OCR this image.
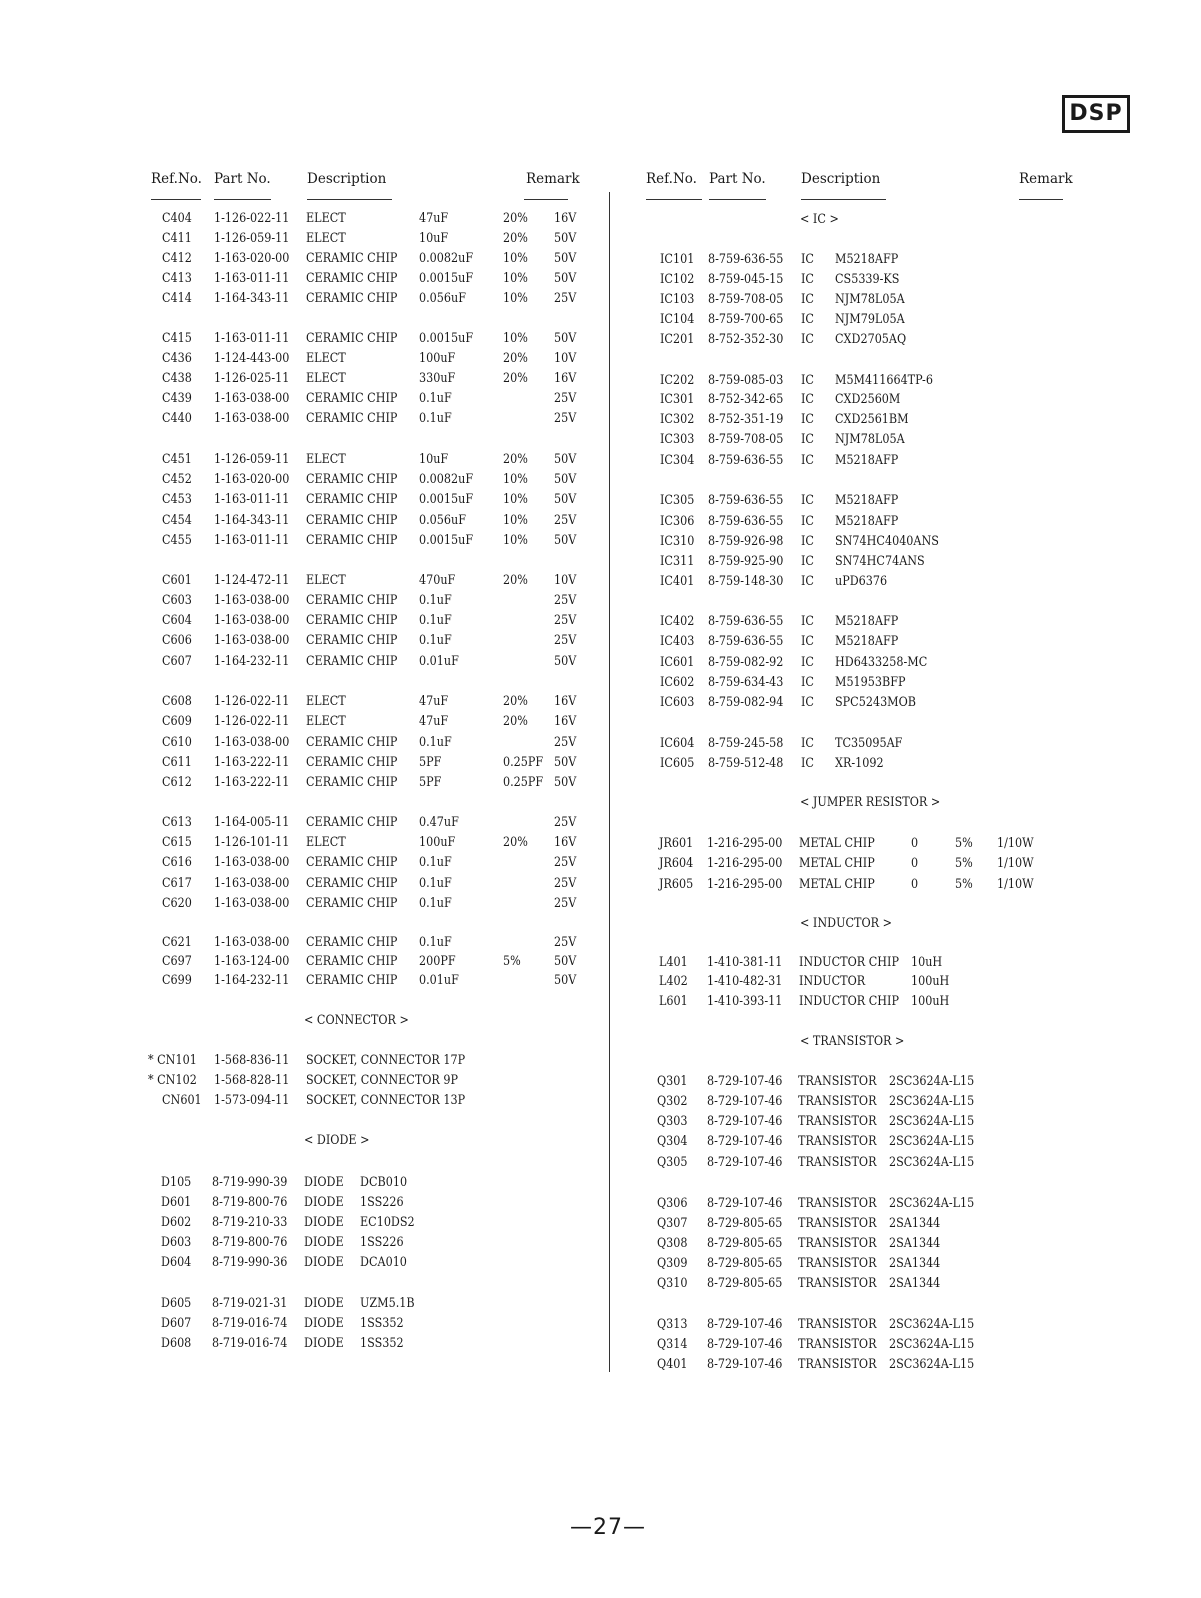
DSP
Ref.No. Part No.	Description	Remark	Ref.No. Part No.	Description	Remark
C404 1-126-022-11 ELECT	47uF	20% 16V
C411 1-126-059-11 ELECT	10uF	20% 50V
C412 1-163-020-00 CERAMIC CHIP 0.0082uF 10% 50V
C413 1-163-011-11 CERAMIC CHIP 0.0015uF 10% 50V
C414 1-164-343-11 CERAMIC CHIP 0.056uF	10% 25V
C415 1-163-011-11 CERAMIC CHIP 0.0015uF 10% 50V
C436 1-124-443-00 ELECT	100uF	20% 10V
C438 1-126-025-11 ELECT	330uF	20% 16V
C439 1-163-038-00 CERAMIC CHIP 0.1uF	25V
C440 1-163-038-00 CERAMIC CHIP 0.1uF	25V
C451 1-126-059-11 ELECT	10uF	20% 50V
C452 1-163-020-00 CERAMIC CHIP 0.0082uF 10% 50V
C453 1-163-011-11 CERAMIC CHIP 0.0015uF 10% 50V
C454 1-164-343-11 CERAMIC CHIP 0.056uF	10% 25V
C455 1-163-011-11 CERAMIC CHIP 0.0015uF 10% 50V
C601 1-124-472-11 ELECT	470uF	20% 10V
C603 1-163-038-00 CERAMIC CHIP 0.1uF	25V
C604 1-163-038-00 CERAMIC CHIP 0.1uF	25V
C606 1-163-038-00 CERAMIC CHIP 0.1uF	25V
C607 1-164-232-11 CERAMIC CHIP 0.01uF	50V
C608 1-126-022-11 ELECT	47uF	20% 16V
C609 1-126-022-11 ELECT	47uF	20% 16V
C610 1-163-038-00 CERAMIC CHIP 0.1uF	25V
C611 1-163-222-11 CERAMIC CHIP 5PF	0.25PF 50V
C612 1-163-222-11 CERAMIC CHIP 5PF	0.25PF 50V
C613 1-164-005-11 CERAMIC CHIP 0.47uF	25V
C615 1-126-101-11 ELECT	100uF	20% 16V
C616 1-163-038-00 CERAMIC CHIP 0.1uF	25V
C617 1-163-038-00 CERAMIC CHIP 0.1uF	25V
C620 1-163-038-00 CERAMIC CHIP 0.1uF	25V
C621 1-163-038-00 CERAMIC CHIP 0.1uF	25V
C697 1-163-124-00 CERAMIC CHIP 200PF	5%	50V
C699 1-164-232-11 CERAMIC CHIP 0.01uF	50V
< CONNECTOR >
* CN101 1-568-836-11 SOCKET, CONNECTOR 17P
* CN102 1-568-828-11 SOCKET, CONNECTOR 9P
CN601 1-573-094-11 SOCKET, CONNECTOR 13P
< DIODE >
D105 8-719-990-39 DIODE DCB010
D601 8-719-800-76 DIODE 1SS226
D602 8-719-210-33 DIODE EC10DS2
D603 8-719-800-76 DIODE 1SS226
D604 8-719-990-36 DIODE DCA010
D605 8-719-021-31 DIODE UZM5.1B
D607 8-719-016-74 DIODE 1SS352
D608 8-719-016-74 DIODE 1SS352
< IC >
IC101 8-759-636-55 IC M5218AFP
IC102 8-759-045-15 IC CS5339-KS
IC103 8-759-708-05 IC NJM78L05A
IC104 8-759-700-65 IC NJM79L05A
IC201 8-752-352-30 IC CXD2705AQ
IC202 8-759-085-03 IC M5M411664TP-6
IC301 8-752-342-65 IC CXD2560M
IC302 8-752-351-19 IC CXD2561BM
IC303 8-759-708-05 IC NJM78L05A
IC304 8-759-636-55 IC M5218AFP
IC305 8-759-636-55 IC M5218AFP
IC306 8-759-636-55 IC M5218AFP
IC310 8-759-926-98 IC SN74HC4040ANS
IC311 8-759-925-90 IC SN74HC74ANS
IC401 8-759-148-30 IC uPD6376
IC402 8-759-636-55 IC M5218AFP
IC403 8-759-636-55 IC M5218AFP
IC601 8-759-082-92 IC HD6433258-MC
IC602 8-759-634-43 IC M51953BFP
IC603 8-759-082-94 IC SPC5243MOB
IC604 8-759-245-58 IC TC35095AF
IC605 8-759-512-48 IC XR-1092
< JUMPER RESISTOR >
JR601 1-216-295-00 METAL CHIP	0	5% 1/10W
JR604 1-216-295-00 METAL CHIP	0	5% 1/10W
JR605 1-216-295-00 METAL CHIP	0	5% 1/10W
< INDUCTOR >
L401 1-410-381-11 INDUCTOR CHIP 10uH
L402 1-410-482-31 INDUCTOR	100uH
L601 1-410-393-11 INDUCTOR CHIP 100uH
< TRANSISTOR >
Q301 8-729-107-46 TRANSISTOR 2SC3624A-L15
Q302 8-729-107-46 TRANSISTOR 2SC3624A-L15
Q303 8-729-107-46 TRANSISTOR 2SC3624A-L15
Q304 8-729-107-46 TRANSISTOR 2SC3624A-L15
Q305 8-729-107-46 TRANSISTOR 2SC3624A-L15
Q306 8-729-107-46 TRANSISTOR 2SC3624A-L15
Q307 8-729-805-65 TRANSISTOR 2SA1344
Q308 8-729-805-65 TRANSISTOR 2SA1344
Q309 8-729-805-65 TRANSISTOR 2SA1344
Q310 8-729-805-65 TRANSISTOR 2SA1344
Q313 8-729-107-46 TRANSISTOR 2SC3624A-L15
Q314 8-729-107-46 TRANSISTOR 2SC3624A-L15
Q401 8-729-107-46 TRANSISTOR 2SC3624A-L15
—27—
